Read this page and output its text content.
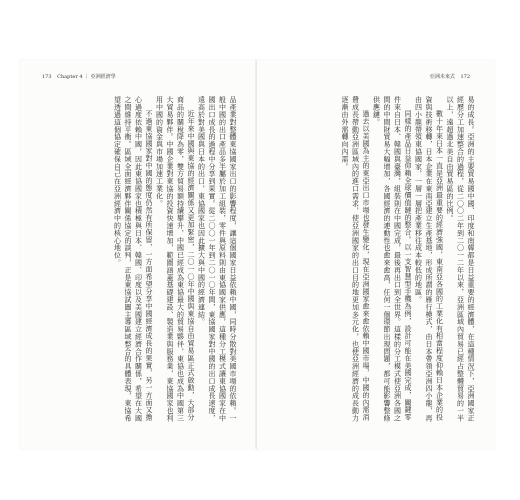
173 Chapter 4 ｜ 亞洲經濟學

品產業對整體東協國家出口的影響程度，讓這個國家日益依賴中國，同時分散對美國市場的依賴。一般中國的出口產品多半屬於加工組裝，零件與原料則由東協國家供應，這種分工模式讓東協國家在中國出口成長的過程中分享到果實。從二〇〇一年到二〇一〇年間，東協國家對中國的出口成長速度，遠高於對美國與日本的出口，東協國家也因此擴大與中國的經濟連結。

近年來中國與東協的經濟關係又更加緊密，二〇一〇年中國與東協自由貿易區正式啟動，大部分商品的關稅降為零，雙方貿易額持續攀升，中國已經成為東協最大的貿易夥伴，東協也成為中國第三大貿易夥伴。中國企業對東協的投資快速增加，範圍涵蓋基礎建設、製造業與服務業，東協國家也利用中國的資金與市場加速工業化。

不過東協國家對中國的態度仍然有所保留，一方面希望分享中國經濟成長的果實，另一方面又擔心過度依賴中國，因此東協國家也積極與日本、韓國、印度以及美國建立經濟合作關係，希望在大國之間維持平衡。區域全面經濟夥伴關係協定的談判，正是東協試圖主導區域整合的具體表現，東協希望透過這個協定確保自己在亞洲經濟中的核心地位。

亞洲未來式 172

易的成長。亞洲的主要貿易國中國、印度和南韓都是日益重要的經濟體，在這種情況下，亞洲國家正經歷分工加速整合的過程，從二〇〇二年到二〇一二年以來，亞洲區域內貿易已經占整體貿易的一半以上，遠超過北美自由貿易區的比例。

數十年來日本一直是亞洲最重要的經濟強國，東南亞各國的工業化有相當程度仰賴日本企業的投資與技術移轉，日本企業在東南亞建立生產基地，形成所謂的雁行模式，由日本帶領亞洲四小龍，再由四小龍帶領東協國家，一層一層把產業移往成本較低的地區。

同樣的產品日益仰賴全球價值鏈的整合。以一支智慧型手機為例，設計可能在美國完成，關鍵零件來自日本、韓國與臺灣，組裝則在中國完成，最後再出口到全世界。這樣的分工模式使亞洲各國之間的中間財貿易大幅增加，各國經濟的連動性也愈來愈高，任何一個環節出現問題，都可能影響整條供應鏈。

過去以美國為主的東亞出口市場也發生變化，現在亞洲國家愈來愈依賴中國市場，中國的內需消費成長帶動亞洲區域內的進口需求，使亞洲國家的出口目的地更加多元化，也使亞洲經濟的成長動力逐漸由外需轉向內需。
